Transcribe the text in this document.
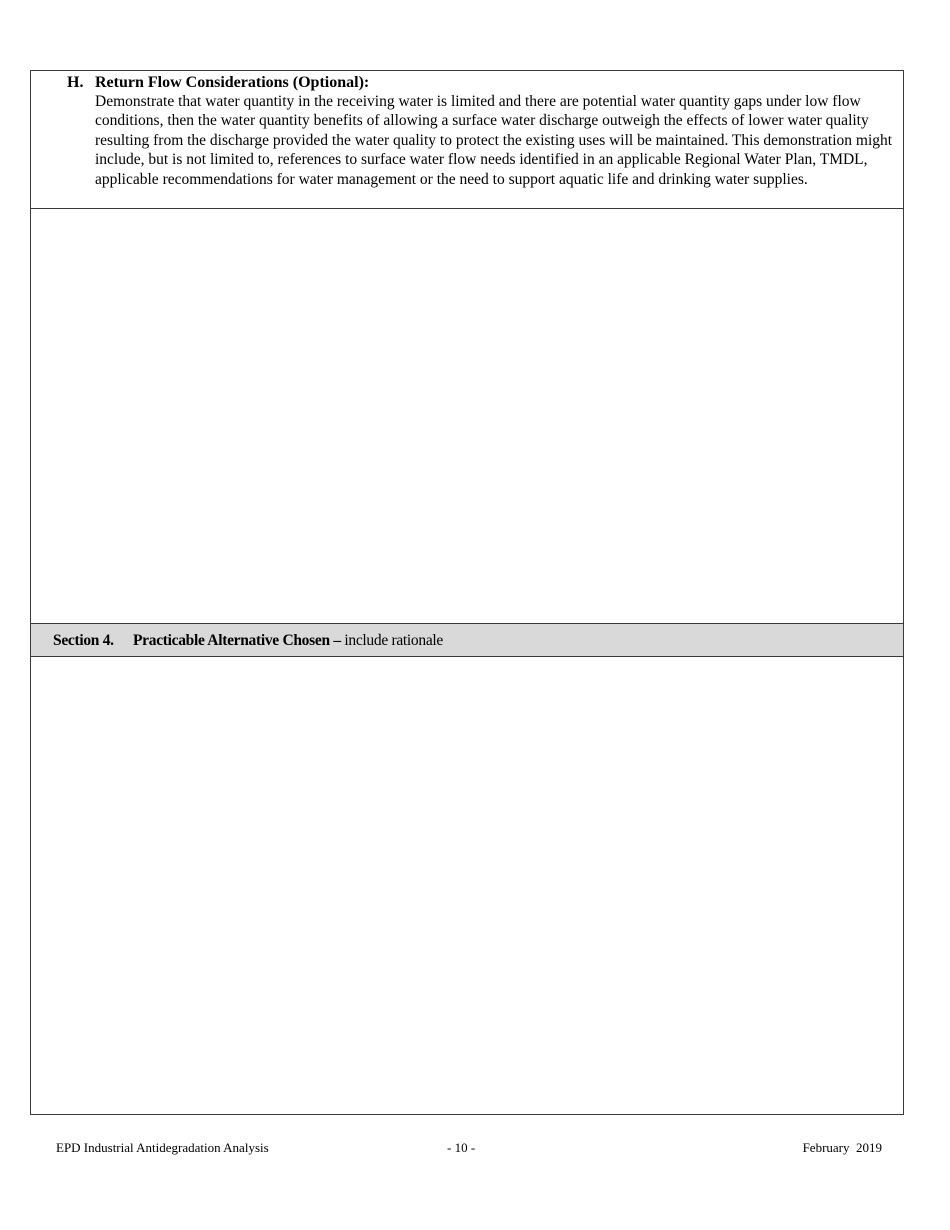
H. Return Flow Considerations (Optional):
Demonstrate that water quantity in the receiving water is limited and there are potential water quantity gaps under low flow conditions, then the water quantity benefits of allowing a surface water discharge outweigh the effects of lower water quality resulting from the discharge provided the water quality to protect the existing uses will be maintained. This demonstration might include, but is not limited to, references to surface water flow needs identified in an applicable Regional Water Plan, TMDL, applicable recommendations for water management or the need to support aquatic life and drinking water supplies.
Section 4. Practicable Alternative Chosen – include rationale
EPD Industrial Antidegradation Analysis	- 10 -	February  2019
